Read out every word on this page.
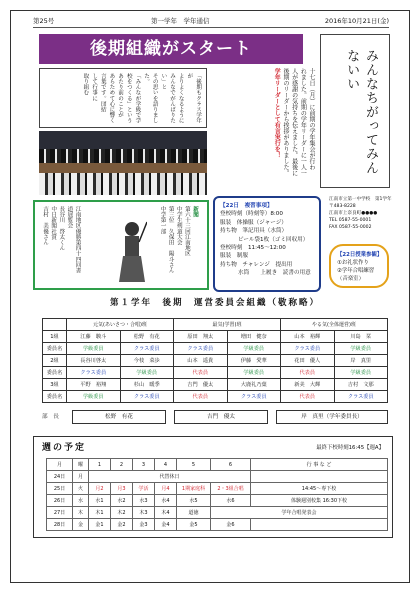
第25号	第一学年　学年通信	2016年10月21日(金)
後期組織がスタート	みんなちがってみんないい
十七日（月）に前期の学年集会が行わ
れました。前期の学年リーダーに一人一
人が感謝の気持ちを伝えました。最後に
後期のリーダーから挨拶がありました。
学年リーダーとして有言実行を！
「後期もクラス学年が
よりよくなるように
みんなでがんばりたい」と
その思いを語りました。
「みんなが学級で学
校をつくる」という
あたり前のことが
あらためて心に響く
言葉です。団結
して行事に
取り組む
新聞
第六十三回江南地区
中学生剣道大会
第三位　久保田　陽斗さん
中学第一部
江南地区優勝第四十四回書
道展覧会
長谷川　啓太くん
中日新聞社賞
吉村　美優さん	【22日　複習事項】
登校時刻（時刻等）8:00
服装　体操服（ジャージ）
持ち物　筆記用具（水筒）
ビール袋1枚（ゴミ回収用）
登校時刻　11:45～12:00
服装　制服
持ち物　チャレンジ　提出用
水筒　　上履き　読書の用意
江南市立第一中学校　第1学年
〒483-8228
江南市上奈良町●●●●
TEL 0587-55-0001
FAX 0587-55-0002
【22日授業参観】
①お礼状作り
②学年合唱練習
（音楽室）
第１学年　後期　運営委員会組織（敬称略）
	元気(あいさつ・合唱)班		最気(学習)班		やる気(全体運営)班	
1組	江藤　駿斗	松野　有花	原田　翔太	増田　健奈	山本　裕輝	川島　栞
委員名	学級委員	クラス委員	クラス委員	学級委員	クラス委員	学級委員
2組	長谷川啓太	今枝　菜歩	山本　遥貴	伊藤　愛華	花田　優人	岸　真里
委員名	クラス委員	学級委員	代表員	学級委員	代表員	学級委員
3組	平野　裕翔	杉山　暖季	吉門　優太	大鹿礼乃葉	新美　大輝	吉村　文那
委員名	学級委員	クラス委員	代表員	クラス委員	代表員	クラス委員
部　長	松野　有花	吉門　優太	岸　真里（学年委員長）
週の予定	最終下校時刻16:45【週A】
月	曜	1	2	3	4	5	6	行 事 な ど
24日	月	代替休日						
25日	火	月2	月3	学活	月4	1期家庭科	2・3組合唱	14:45～専下校
26日	水	水1	水2	水3	水4	水5	水6	体験週別校集 16:30下校
27日	木	木1	木2	木3	木4	道徳	学年合唱発表会	
28日	金	金1	金2	金3	金4	金5	金6	
